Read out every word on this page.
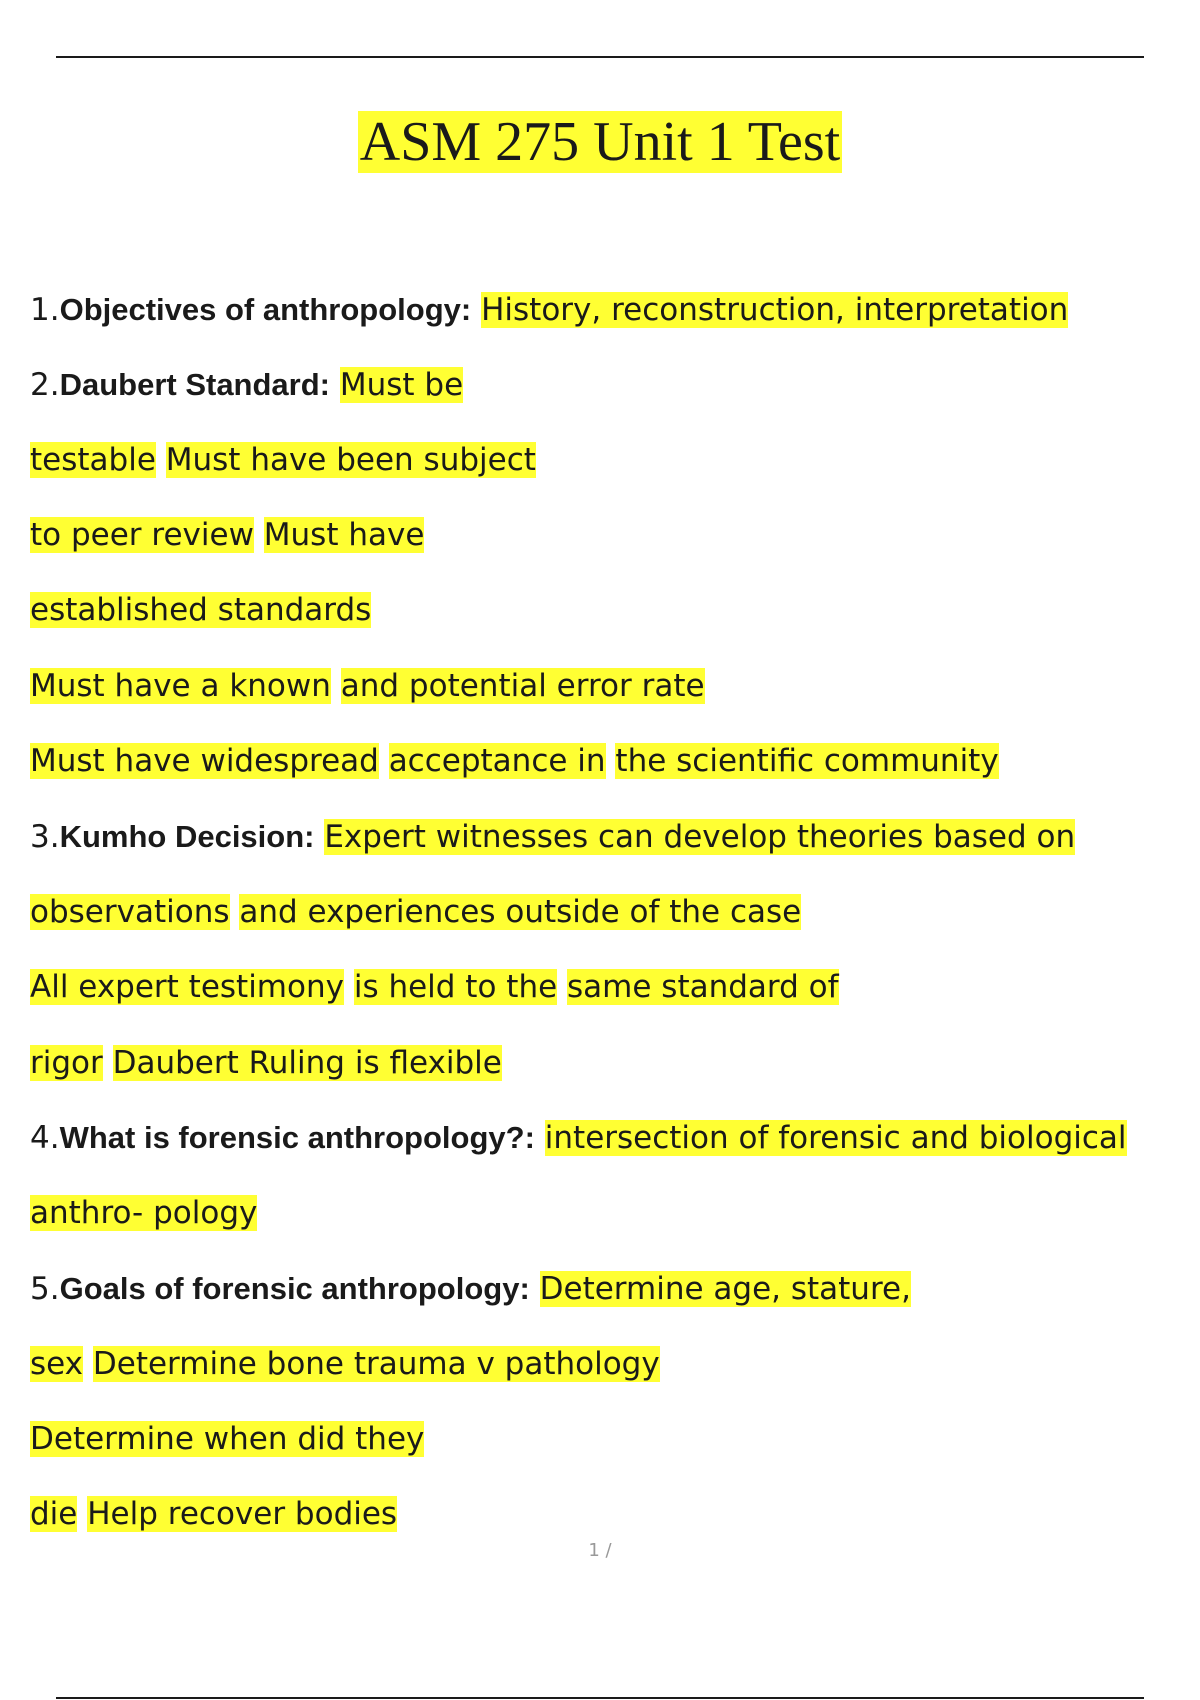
ASM 275 Unit 1 Test
1.Objectives of anthropology: History, reconstruction, interpretation
2.Daubert Standard: Must be
testable Must have been subject
to peer review Must have
established standards
Must have a known and potential error rate
Must have widespread acceptance in the scientific community
3.Kumho Decision: Expert witnesses can develop theories based on
observations and experiences outside of the case
All expert testimony is held to the same standard of
rigor Daubert Ruling is flexible
4.What is forensic anthropology?: intersection of forensic and biological
anthro- pology
5.Goals of forensic anthropology: Determine age, stature,
sex Determine bone trauma v pathology
Determine when did they
die Help recover bodies
1 /
